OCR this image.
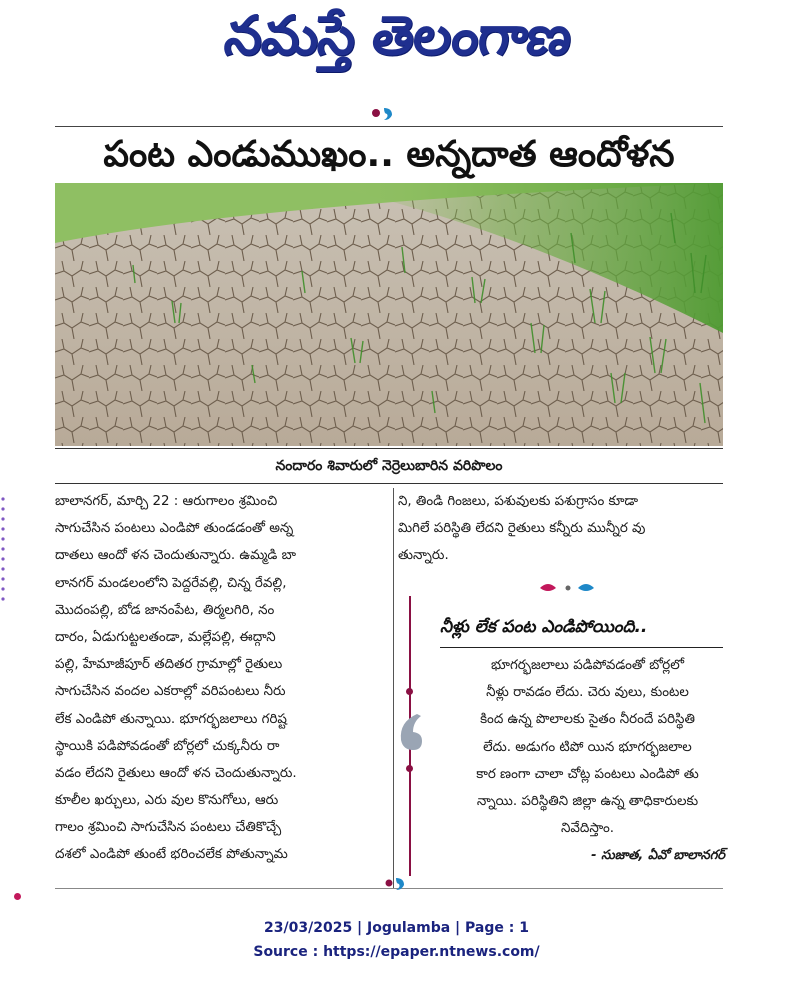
నమస్తే తెలంగాణ
పంట ఎండుముఖం.. అన్నదాత ఆందోళన
నందారం శివారులో నెర్రెలుబారిన వరిపొలం
బాలానగర్, మార్చి 22 : ఆరుగాలం శ్రమించి
సాగుచేసిన పంటలు ఎండిపో తుండడంతో అన్న
దాతలు ఆందో ళన చెందుతున్నారు. ఉమ్మడి బా
లానగర్ మండలంలోని పెద్దరేవల్లి, చిన్న రేవల్లి,
మొదంపల్లి, బోడ జానంపేట, తిర్మలగిరి, నం
దారం, ఏడుగుట్టలతండా, మల్లేపల్లి, ఈద్గాని
పల్లి, హేమాజీపూర్ తదితర గ్రామాల్లో రైతులు
సాగుచేసిన వందల ఎకరాల్లో వరిపంటలు నీరు
లేక ఎండిపో తున్నాయి. భూగర్భజలాలు గరిష్ట
స్థాయికి పడిపోవడంతో బోర్లలో చుక్కనీరు రా
వడం లేదని రైతులు ఆందో ళన చెందుతున్నారు.
కూలీల ఖర్చులు, ఎరు వుల కొనుగోలు, ఆరు
గాలం శ్రమించి సాగుచేసిన పంటలు చేతికొచ్చే
దశలో ఎండిపో తుంటే భరించలేక పోతున్నామ
ని, తిండి గింజలు, పశువులకు పశుగ్రాసం కూడా
మిగిలే పరిస్థితి లేదని రైతులు కన్నీరు మున్నీర వు
తున్నారు.
నీళ్లు లేక పంట ఎండిపోయింది..
భూగర్భజలాలు పడిపోవడంతో బోర్లలో
నీళ్లు రావడం లేదు. చెరు వులు, కుంటల
కింద ఉన్న పొలాలకు సైతం నీరందే పరిస్థితి
లేదు. అడుగం టిపో యిన భూగర్భజలాల
కార ణంగా చాలా చోట్ల పంటలు ఎండిపో తు
న్నాయి. పరిస్థితిని జిల్లా ఉన్న తాధికారులకు
నివేదిస్తాం.
- సుజాత, ఏవో బాలానగర్
23/03/2025 | Jogulamba | Page : 1
Source : https://epaper.ntnews.com/
